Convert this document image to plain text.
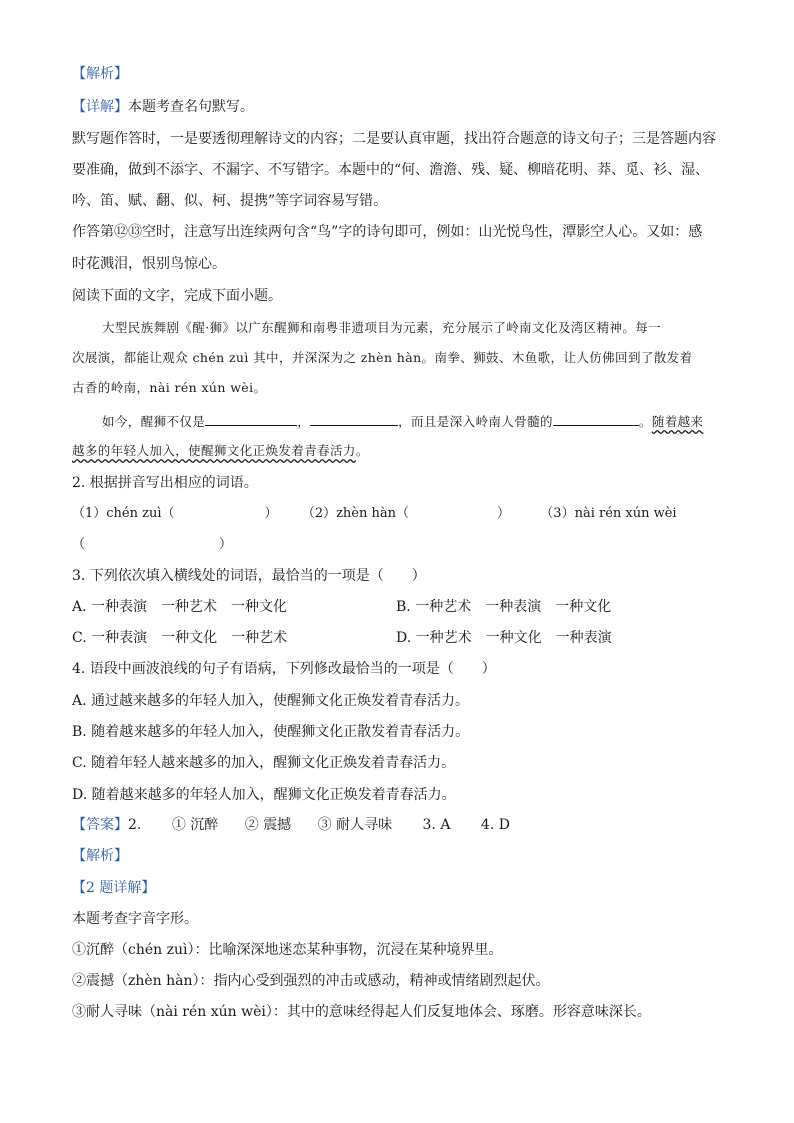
【解析】
【详解】本题考查名句默写。
默写题作答时，一是要透彻理解诗文的内容；二是要认真审题，找出符合题意的诗文句子；三是答题内容
要准确，做到不添字、不漏字、不写错字。本题中的“何、澹澹、残、疑、柳暗花明、莽、觅、衫、湿、
吟、笛、赋、翻、似、柯、提携”等字词容易写错。
作答第⑫⑬空时，注意写出连续两句含“鸟”字的诗句即可，例如：山光悦鸟性，潭影空人心。又如：感
时花溅泪，恨别鸟惊心。
阅读下面的文字，完成下面小题。
大型民族舞剧《醒·狮》以广东醒狮和南粤非遗项目为元素，充分展示了岭南文化及湾区精神。每一
次展演，都能让观众 chén zuì 其中，并深深为之 zhèn hàn。南拳、狮鼓、木鱼歌，让人仿佛回到了散发着
古香的岭南，nài rén xún wèi。
如今，醒狮不仅是	，	，而且是深入岭南人骨髓的	。随着越来
越多的年轻人加入，使醒狮文化正焕发着青春活力。
2. 根据拼音写出相应的词语。
（1）chén zuì（	） （2）zhèn hàn（	） （3）nài rén xún wèi
（	）
3. 下列依次填入横线处的词语，最恰当的一项是（　　）
A. 一种表演　一种艺术　一种文化	B. 一种艺术　一种表演　一种文化
C. 一种表演　一种文化　一种艺术	D. 一种艺术　一种文化　一种表演
4. 语段中画波浪线的句子有语病，下列修改最恰当的一项是（　　）
A. 通过越来越多的年轻人加入，使醒狮文化正焕发着青春活力。
B. 随着越来越多的年轻人加入，使醒狮文化正散发着青春活力。
C. 随着年轻人越来越多的加入，醒狮文化正焕发着青春活力。
D. 随着越来越多的年轻人加入，醒狮文化正焕发着青春活力。
【答案】2. ① 沉醉 ② 震撼 ③ 耐人寻味 3. A 4. D
【解析】
【2 题详解】
本题考查字音字形。
①沉醉（chén zuì）：比喻深深地迷恋某种事物，沉浸在某种境界里。
②震撼（zhèn hàn）：指内心受到强烈的冲击或感动，精神或情绪剧烈起伏。
③耐人寻味（nài rén xún wèi）：其中的意味经得起人们反复地体会、琢磨。形容意味深长。
